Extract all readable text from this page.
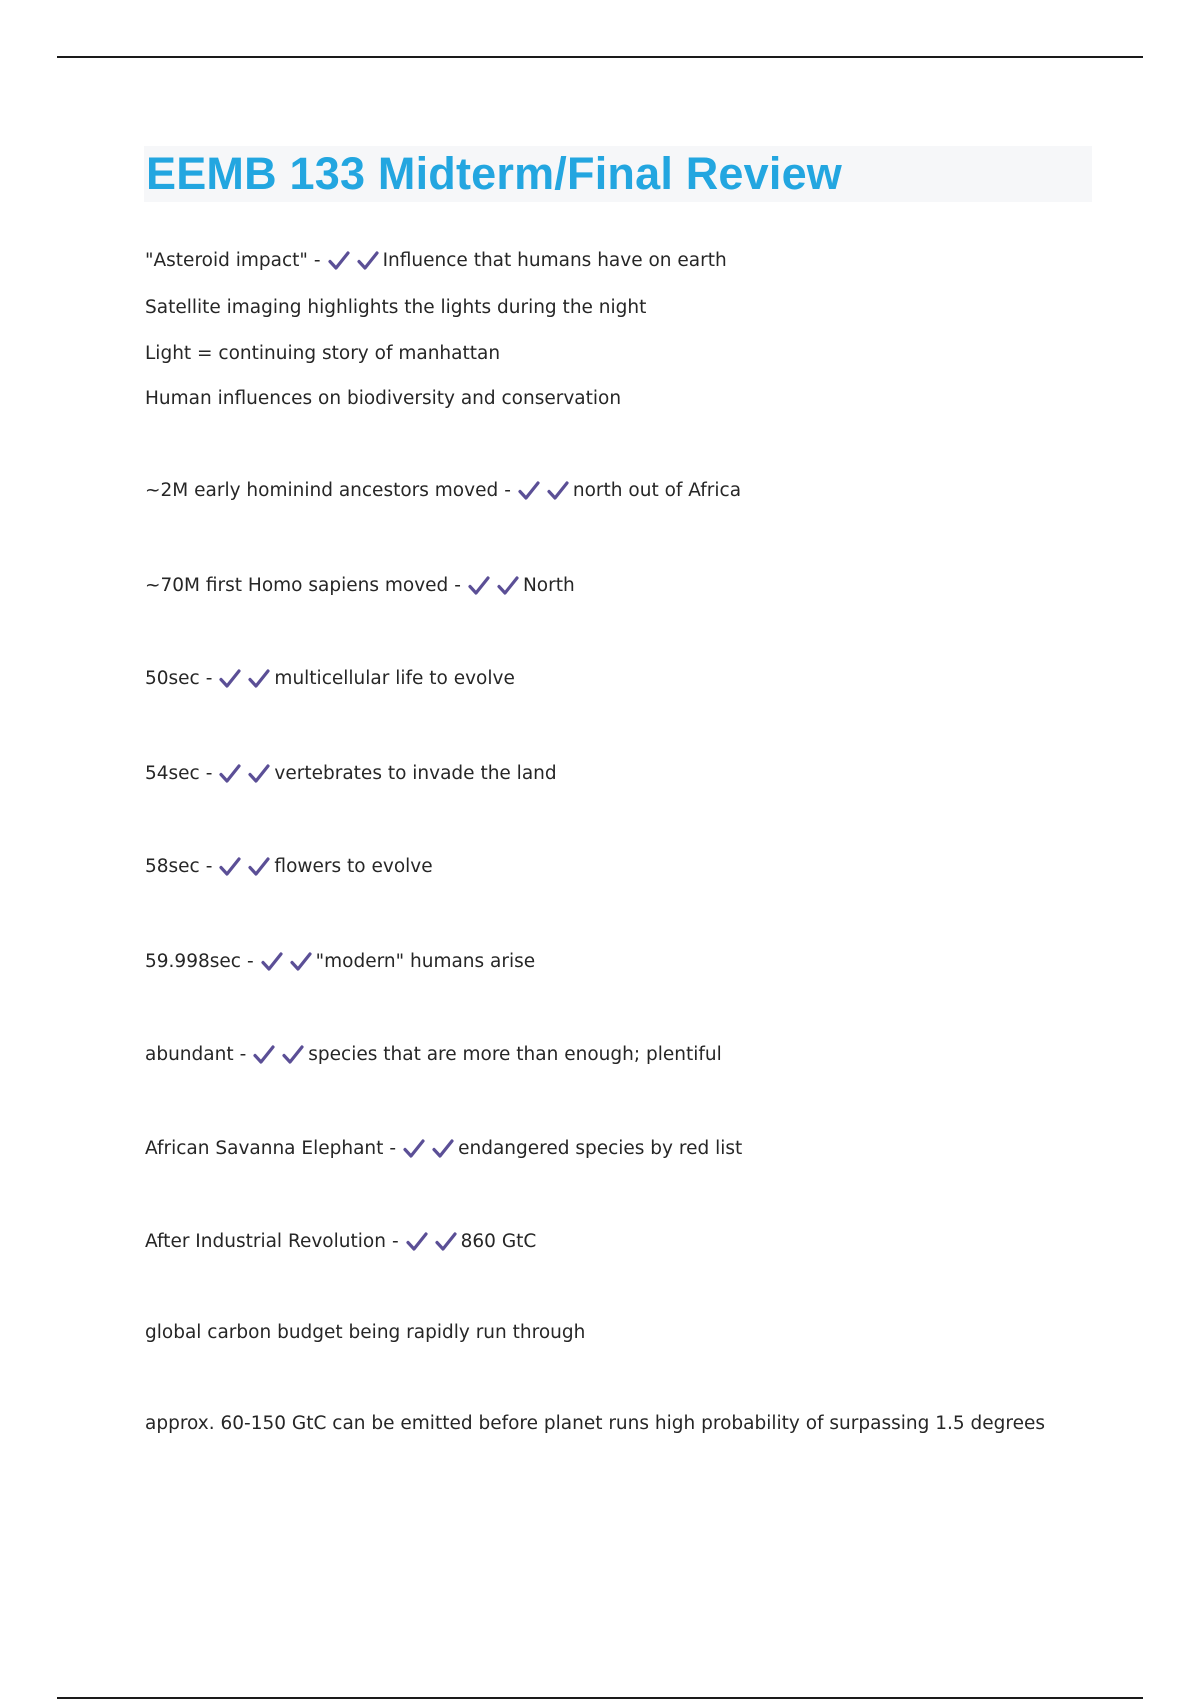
EEMB 133 Midterm/Final Review
"Asteroid impact" -	Influence that humans have on earth
Satellite imaging highlights the lights during the night
Light = continuing story of manhattan
Human influences on biodiversity and conservation
~2M early hominind ancestors moved -	north out of Africa
~70M first Homo sapiens moved -	North
50sec -	multicellular life to evolve
54sec -	vertebrates to invade the land
58sec -	flowers to evolve
59.998sec -	"modern" humans arise
abundant -	species that are more than enough; plentiful
African Savanna Elephant -	endangered species by red list
After Industrial Revolution -	860 GtC
global carbon budget being rapidly run through
approx. 60-150 GtC can be emitted before planet runs high probability of surpassing 1.5 degrees
